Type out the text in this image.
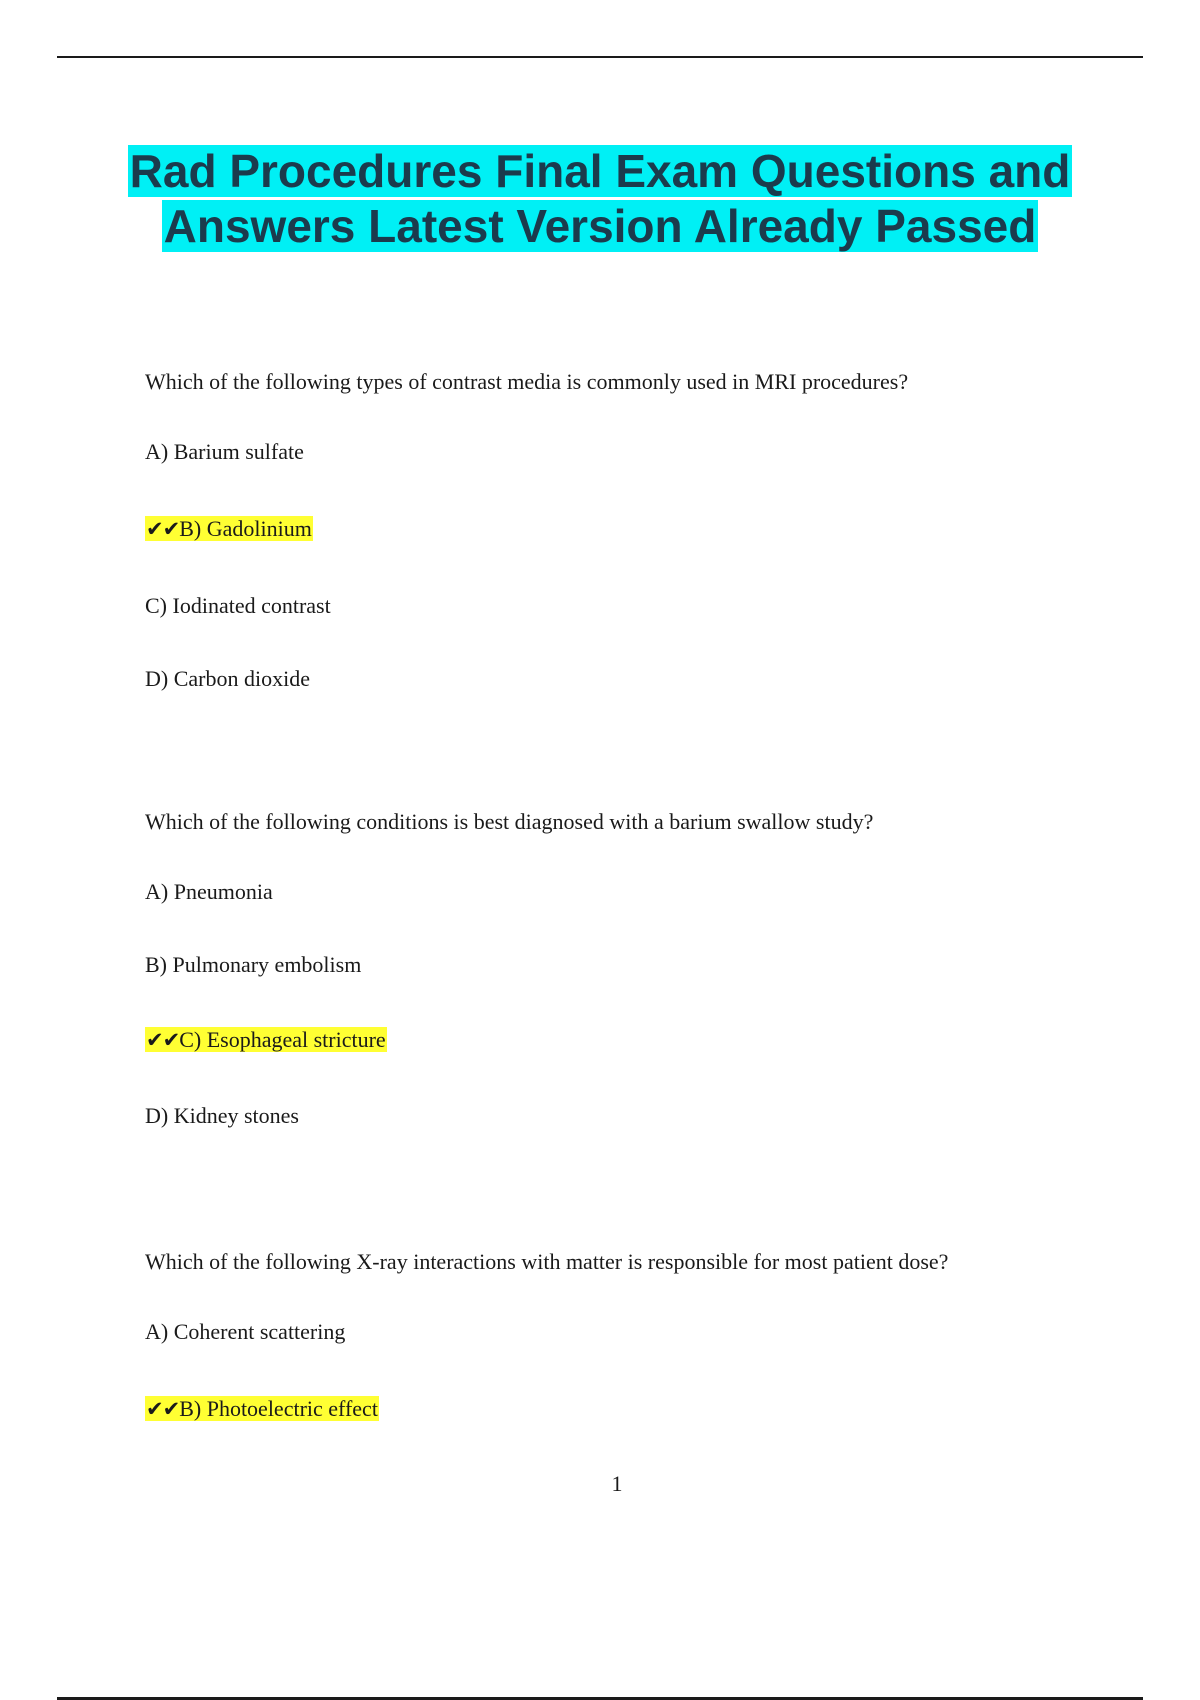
Rad Procedures Final Exam Questions and Answers Latest Version Already Passed
Which of the following types of contrast media is commonly used in MRI procedures?
A) Barium sulfate
✔✔B) Gadolinium
C) Iodinated contrast
D) Carbon dioxide
Which of the following conditions is best diagnosed with a barium swallow study?
A) Pneumonia
B) Pulmonary embolism
✔✔C) Esophageal stricture
D) Kidney stones
Which of the following X-ray interactions with matter is responsible for most patient dose?
A) Coherent scattering
✔✔B) Photoelectric effect
1
